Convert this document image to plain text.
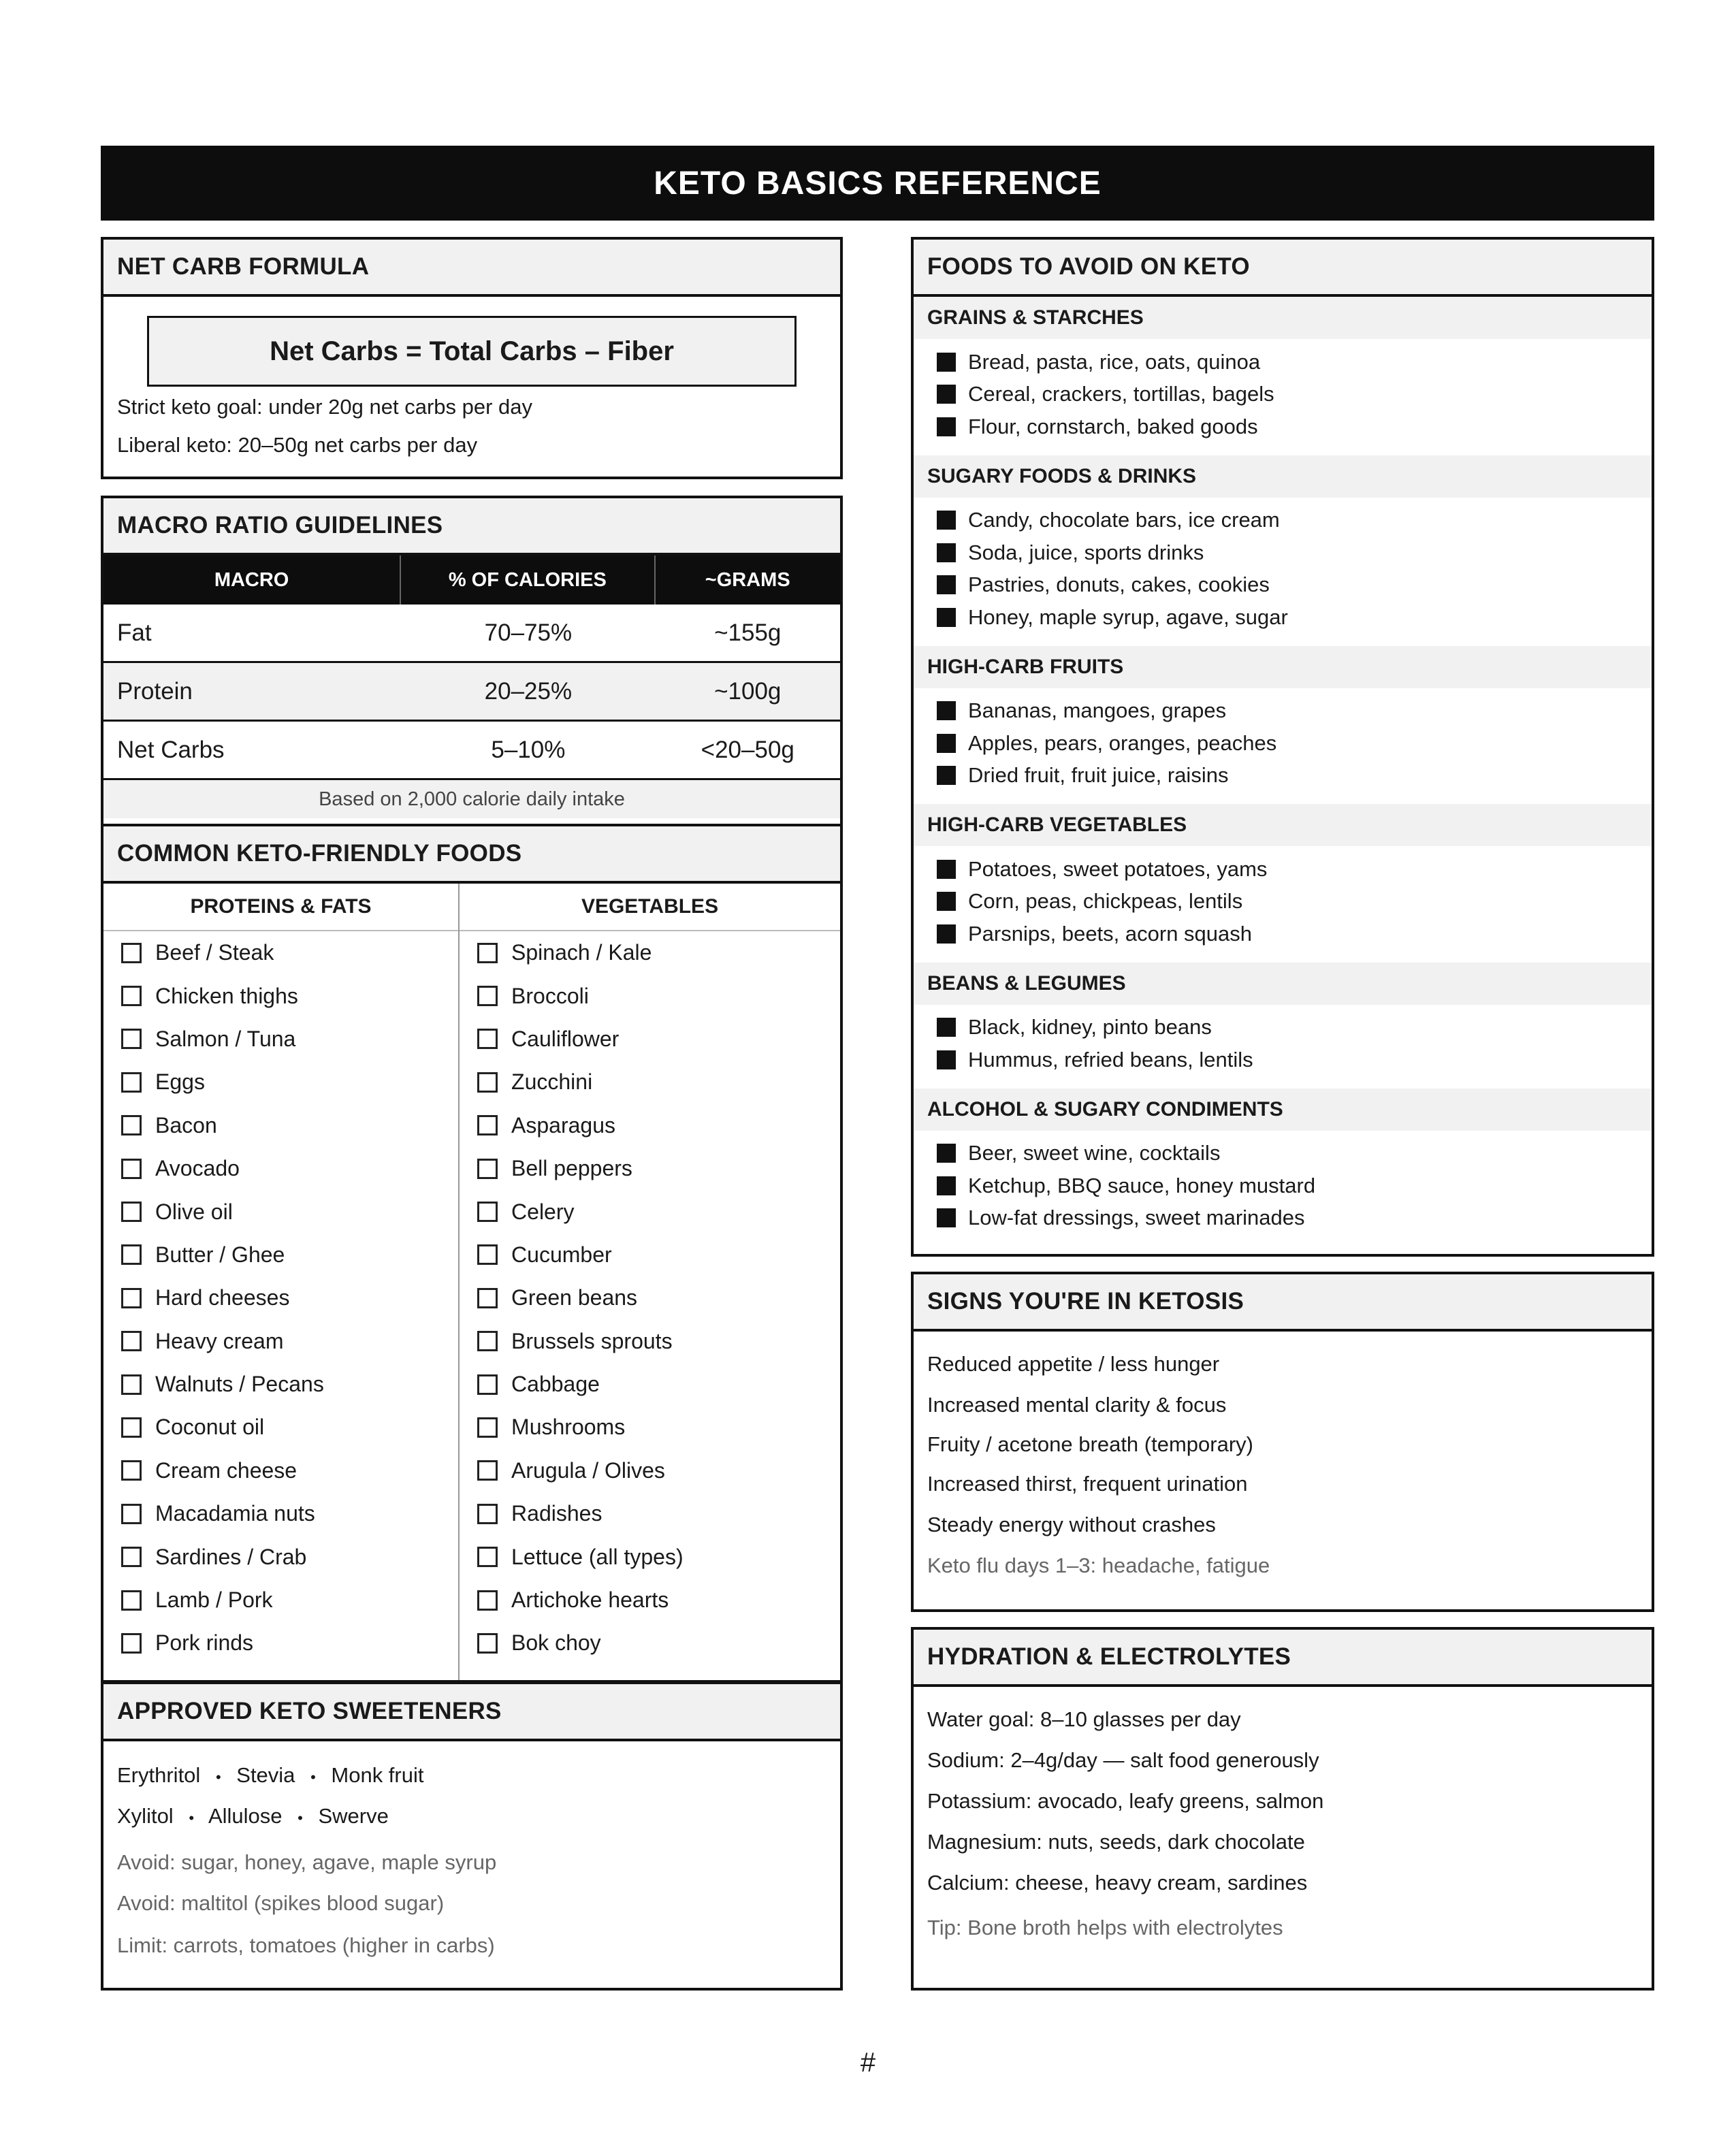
KETO BASICS REFERENCE
NET CARB FORMULA
Net Carbs = Total Carbs – Fiber
Strict keto goal: under 20g net carbs per day
Liberal keto: 20–50g net carbs per day
MACRO RATIO GUIDELINES
MACRO	% OF CALORIES	~GRAMS
Fat	70–75%	~155g
Protein	20–25%	~100g
Net Carbs	5–10%	<20–50g
Based on 2,000 calorie daily intake
COMMON KETO-FRIENDLY FOODS
PROTEINS & FATS
Beef / Steak
Chicken thighs
Salmon / Tuna
Eggs
Bacon
Avocado
Olive oil
Butter / Ghee
Hard cheeses
Heavy cream
Walnuts / Pecans
Coconut oil
Cream cheese
Macadamia nuts
Sardines / Crab
Lamb / Pork
Pork rinds
VEGETABLES
Spinach / Kale
Broccoli
Cauliflower
Zucchini
Asparagus
Bell peppers
Celery
Cucumber
Green beans
Brussels sprouts
Cabbage
Mushrooms
Arugula / Olives
Radishes
Lettuce (all types)
Artichoke hearts
Bok choy
APPROVED KETO SWEETENERS
Erythritol • Stevia • Monk fruit
Xylitol • Allulose • Swerve
Avoid: sugar, honey, agave, maple syrup
Avoid: maltitol (spikes blood sugar)
Limit: carrots, tomatoes (higher in carbs)
FOODS TO AVOID ON KETO
GRAINS & STARCHES
Bread, pasta, rice, oats, quinoa
Cereal, crackers, tortillas, bagels
Flour, cornstarch, baked goods
SUGARY FOODS & DRINKS
Candy, chocolate bars, ice cream
Soda, juice, sports drinks
Pastries, donuts, cakes, cookies
Honey, maple syrup, agave, sugar
HIGH-CARB FRUITS
Bananas, mangoes, grapes
Apples, pears, oranges, peaches
Dried fruit, fruit juice, raisins
HIGH-CARB VEGETABLES
Potatoes, sweet potatoes, yams
Corn, peas, chickpeas, lentils
Parsnips, beets, acorn squash
BEANS & LEGUMES
Black, kidney, pinto beans
Hummus, refried beans, lentils
ALCOHOL & SUGARY CONDIMENTS
Beer, sweet wine, cocktails
Ketchup, BBQ sauce, honey mustard
Low-fat dressings, sweet marinades
SIGNS YOU'RE IN KETOSIS
Reduced appetite / less hunger
Increased mental clarity & focus
Fruity / acetone breath (temporary)
Increased thirst, frequent urination
Steady energy without crashes
Keto flu days 1–3: headache, fatigue
HYDRATION & ELECTROLYTES
Water goal: 8–10 glasses per day
Sodium: 2–4g/day — salt food generously
Potassium: avocado, leafy greens, salmon
Magnesium: nuts, seeds, dark chocolate
Calcium: cheese, heavy cream, sardines
Tip: Bone broth helps with electrolytes
#
